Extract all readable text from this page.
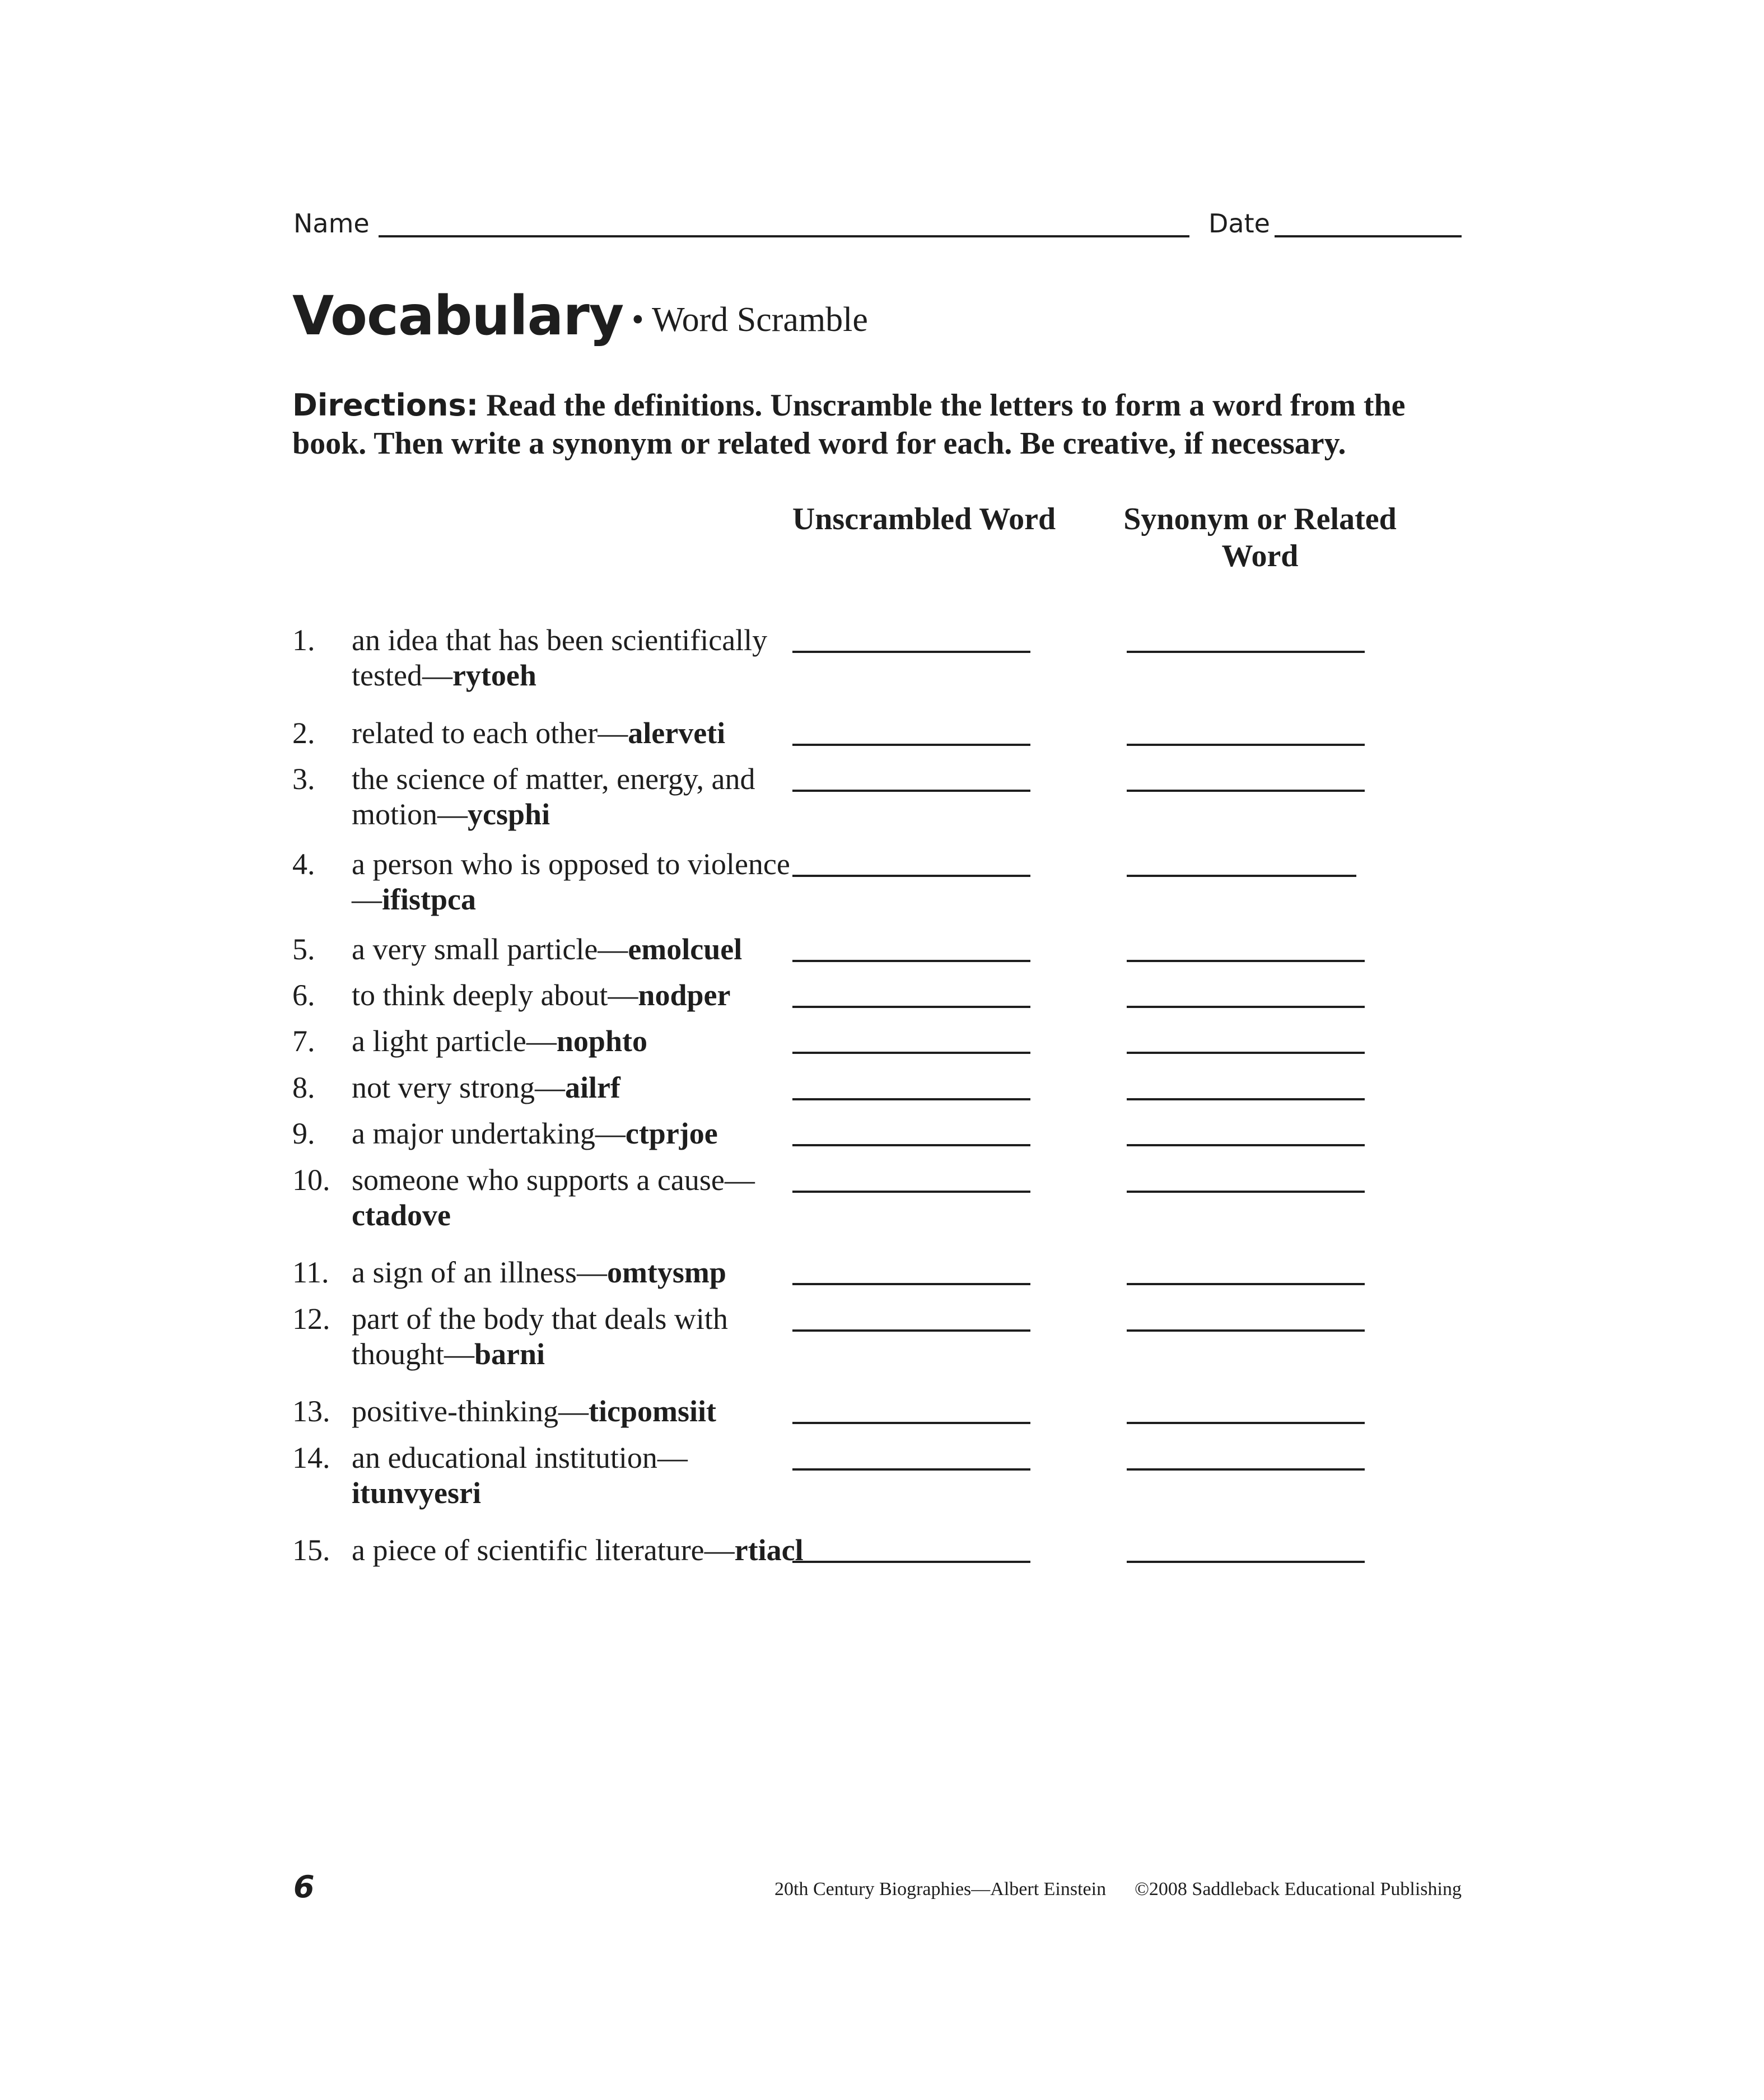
Name	Date
Vocabulary • Word Scramble
Directions: Read the definitions. Unscramble the letters to form a word from the book. Then write a synonym or related word for each. Be creative, if necessary.
Unscrambled Word Synonym or Related Word
1. an idea that has been scientifically tested—rytoeh
2. related to each other—alerveti
3. the science of matter, energy, and motion—ycsphi
4. a person who is opposed to violence—ifistpca
5. a very small particle—emolcuel
6. to think deeply about—nodper
7. a light particle—nophto
8. not very strong—ailrf
9. a major undertaking—ctprjoe
10. someone who supports a cause—ctadove
11. a sign of an illness—omtysmp
12. part of the body that deals with thought—barni
13. positive-thinking—ticpomsiit
14. an educational institution—itunvyesri
15. a piece of scientific literature—rtiacl
6	20th Century Biographies—Albert Einstein ©2008 Saddleback Educational Publishing
